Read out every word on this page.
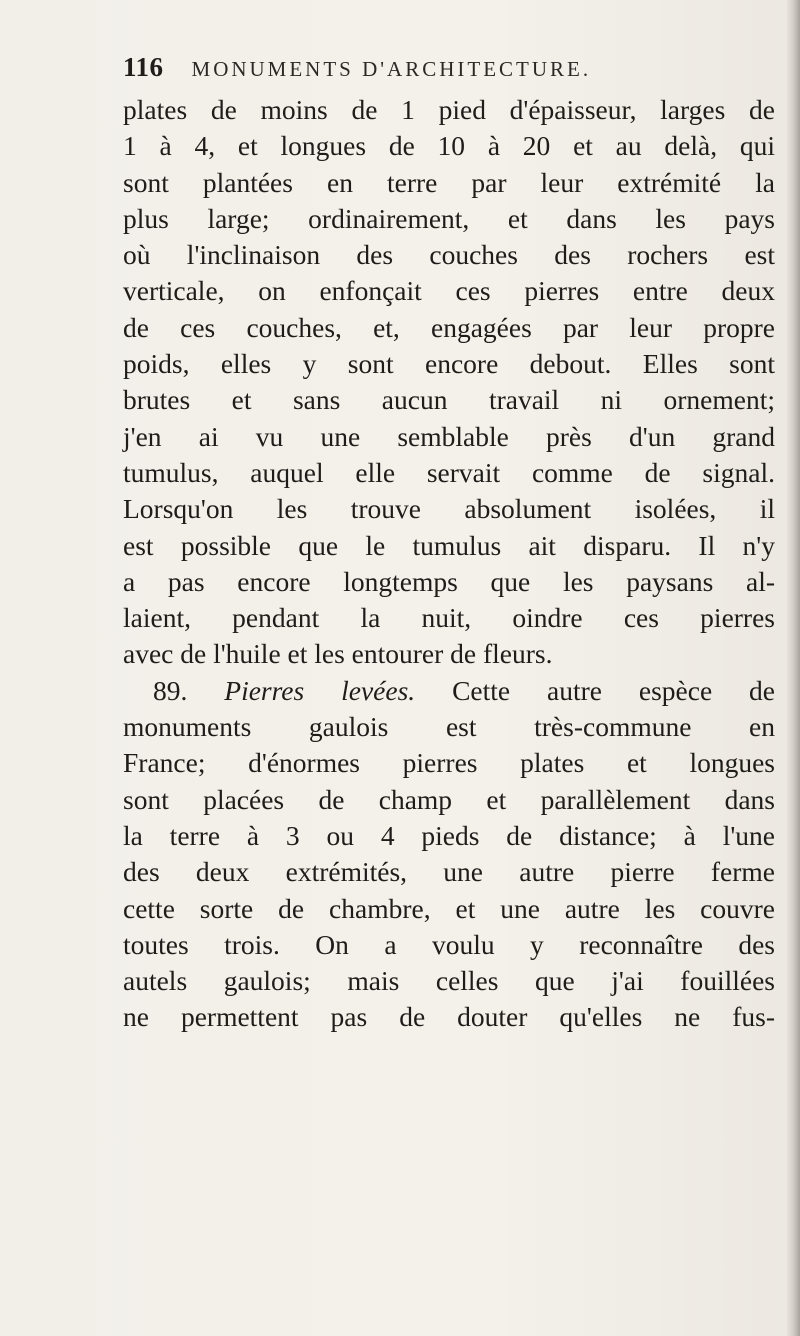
116 MONUMENTS D'ARCHITECTURE.
plates de moins de 1 pied d'épaisseur, larges de
1 à 4, et longues de 10 à 20 et au delà, qui
sont plantées en terre par leur extrémité la
plus large; ordinairement, et dans les pays
où l'inclinaison des couches des rochers est
verticale, on enfonçait ces pierres entre deux
de ces couches, et, engagées par leur propre
poids, elles y sont encore debout. Elles sont
brutes et sans aucun travail ni ornement;
j'en ai vu une semblable près d'un grand
tumulus, auquel elle servait comme de signal.
Lorsqu'on les trouve absolument isolées, il
est possible que le tumulus ait disparu. Il n'y
a pas encore longtemps que les paysans al-
laient, pendant la nuit, oindre ces pierres
avec de l'huile et les entourer de fleurs.
89. Pierres levées. Cette autre espèce de
monuments gaulois est très-commune en
France; d'énormes pierres plates et longues
sont placées de champ et parallèlement dans
la terre à 3 ou 4 pieds de distance; à l'une
des deux extrémités, une autre pierre ferme
cette sorte de chambre, et une autre les couvre
toutes trois. On a voulu y reconnaître des
autels gaulois; mais celles que j'ai fouillées
ne permettent pas de douter qu'elles ne fus-
